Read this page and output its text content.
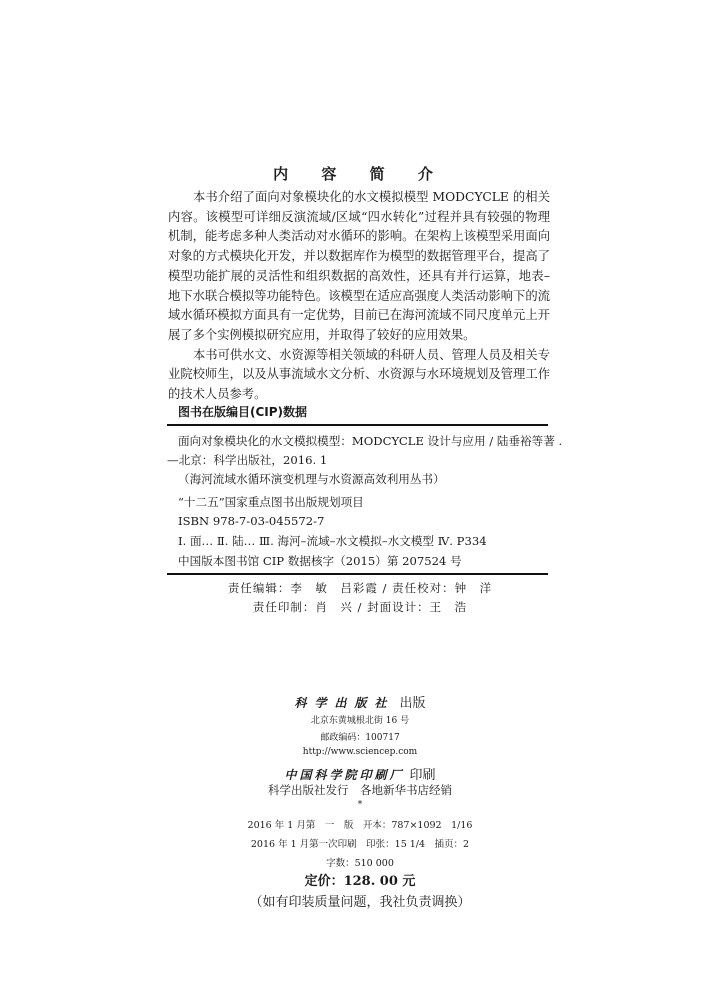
内 容 简 介

本书介绍了面向对象模块化的水文模拟模型 MODCYCLE 的相关内容。该模型可详细反演流域/区域“四水转化”过程并具有较强的物理机制，能考虑多种人类活动对水循环的影响。在架构上该模型采用面向对象的方式模块化开发，并以数据库作为模型的数据管理平台，提高了模型功能扩展的灵活性和组织数据的高效性，还具有并行运算，地表–地下水联合模拟等功能特色。该模型在适应高强度人类活动影响下的流域水循环模拟方面具有一定优势，目前已在海河流域不同尺度单元上开展了多个实例模拟研究应用，并取得了较好的应用效果。

本书可供水文、水资源等相关领域的科研人员、管理人员及相关专业院校师生，以及从事流域水文分析、水资源与水环境规划及管理工作的技术人员参考。

图书在版编目(CIP)数据
面向对象模块化的水文模拟模型：MODCYCLE 设计与应用 / 陆垂裕等著 .
—北京：科学出版社，2016. 1
（海河流域水循环演变机理与水资源高效利用丛书）
“十二五”国家重点图书出版规划项目
ISBN 978-7-03-045572-7
Ⅰ. 面… Ⅱ. 陆… Ⅲ. 海河–流域–水文模拟–水文模型 Ⅳ. P334
中国版本图书馆 CIP 数据核字（2015）第 207524 号
责任编辑：李　敏　吕彩霞 / 责任校对：钟　洋
责任印制：肖　兴 / 封面设计：王　浩
科学出版社 出版
北京东黄城根北街 16 号
邮政编码：100717
http://www.sciencep.com
中国科学院印刷厂 印刷
科学出版社发行　各地新华书店经销
*
2016 年 1 月第　一　版　开本：787×1092　1/16
2016 年 1 月第一次印刷　印张：15 1/4　插页：2
字数：510 000
定价：128. 00 元
（如有印装质量问题，我社负责调换）
